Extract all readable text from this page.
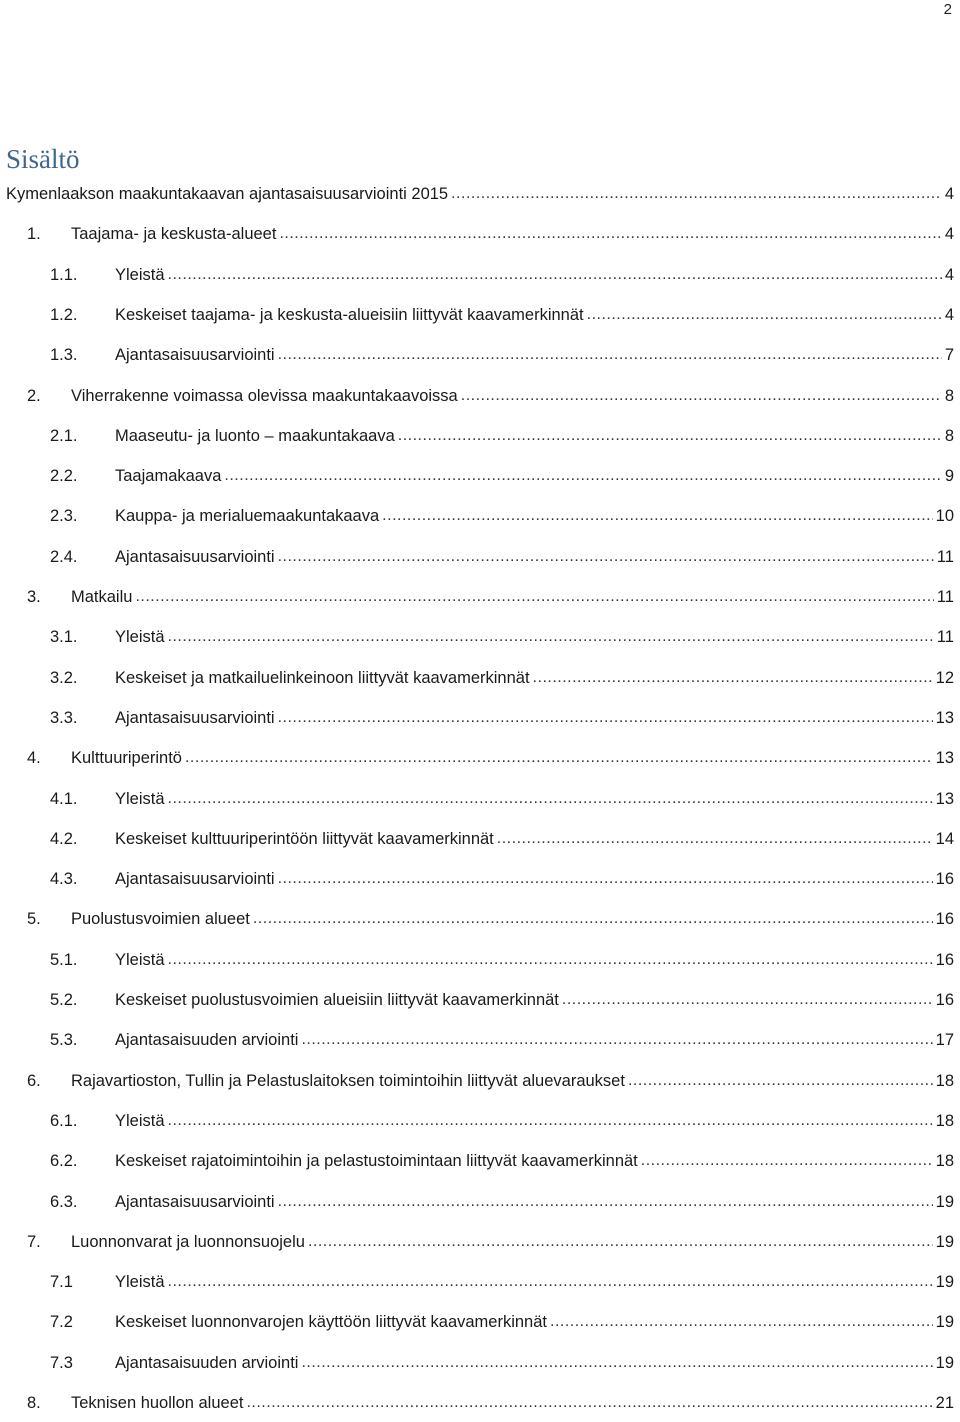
2
Sisältö
Kymenlaakson maakuntakaavan ajantasaisuusarviointi 2015 .....	4
1. Taajama- ja keskusta-alueet .....	4
1.1. Yleistä .....	4
1.2. Keskeiset taajama- ja keskusta-alueisiin liittyvät kaavamerkinnät .....	4
1.3. Ajantasaisuusarviointi .....	7
2. Viherrakenne voimassa olevissa maakuntakaavoissa .....	8
2.1. Maaseutu- ja luonto – maakuntakaava .....	8
2.2. Taajamakaava .....	9
2.3. Kauppa- ja merialuemaakuntakaava .....	10
2.4. Ajantasaisuusarviointi .....	11
3. Matkailu .....	11
3.1. Yleistä .....	11
3.2. Keskeiset ja matkailuelinkeinoon liittyvät kaavamerkinnät .....	12
3.3. Ajantasaisuusarviointi .....	13
4. Kulttuuriperintö .....	13
4.1. Yleistä .....	13
4.2. Keskeiset kulttuuriperintöön liittyvät kaavamerkinnät .....	14
4.3. Ajantasaisuusarviointi .....	16
5. Puolustusvoimien alueet .....	16
5.1. Yleistä .....	16
5.2. Keskeiset puolustusvoimien alueisiin liittyvät kaavamerkinnät .....	16
5.3. Ajantasaisuuden arviointi .....	17
6. Rajavartioston, Tullin ja Pelastuslaitoksen toimintoihin liittyvät aluevaraukset .....	18
6.1. Yleistä .....	18
6.2. Keskeiset rajatoimintoihin ja pelastustoimintaan liittyvät kaavamerkinnät .....	18
6.3. Ajantasaisuusarviointi .....	19
7. Luonnonvarat ja luonnonsuojelu .....	19
7.1	Yleistä .....	19
7.2	Keskeiset luonnonvarojen käyttöön liittyvät kaavamerkinnät .....	19
7.3	Ajantasaisuuden arviointi .....	19
8. Teknisen huollon alueet .....	21
